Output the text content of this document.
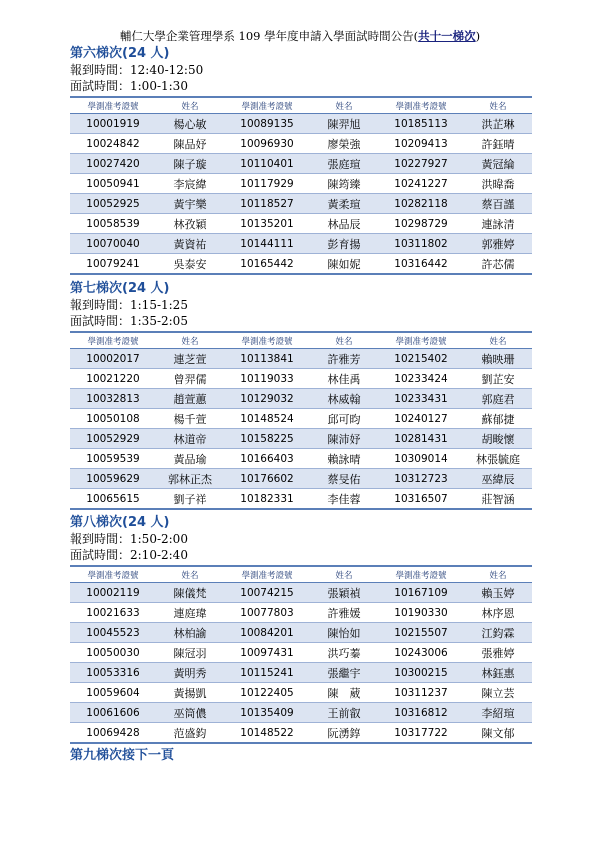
輔仁大學企業管理學系 109 學年度申請入學面試時間公告(共十一梯次)
第六梯次(24 人)
報到時間：12:40-12:50
面試時間：1:00-1:30
學測准考證號	姓名	學測准考證號	姓名	學測准考證號	姓名
10001919	楊心敏	10089135	陳羿旭	10185113	洪芷琳
10024842	陳品妤	10096930	廖榮強	10209413	許鈺晴
10027420	陳子璇	10110401	張庭瑄	10227927	黃冠綸
10050941	李宸緯	10117929	陳筠臻	10241227	洪暐喬
10052925	黃宇樂	10118527	黃柔瑄	10282118	蔡百謹
10058539	林孜穎	10135201	林品辰	10298729	連詠清
10070040	黃資祐	10144111	彭育揚	10311802	郭雅婷
10079241	吳泰安	10165442	陳如妮	10316442	許芯儒
第七梯次(24 人)
報到時間：1:15-1:25
面試時間：1:35-2:05
學測准考證號	姓名	學測准考證號	姓名	學測准考證號	姓名
10002017	連芝萱	10113841	許雅芳	10215402	賴映珊
10021220	曾羿儒	10119033	林佳禹	10233424	劉芷安
10032813	趙萱蕙	10129032	林威翰	10233431	郭庭君
10050108	楊千萱	10148524	邱可昀	10240127	蘇郁捷
10052929	林道帝	10158225	陳沛妤	10281431	胡畯懷
10059539	黃品瑜	10166403	賴詠晴	10309014	林張毓庭
10059629	郭林正杰	10176602	蔡旻佑	10312723	巫緯辰
10065615	劉子祥	10182331	李佳蓉	10316507	莊智涵
第八梯次(24 人)
報到時間：1:50-2:00
面試時間：2:10-2:40
學測准考證號	姓名	學測准考證號	姓名	學測准考證號	姓名
10002119	陳儀梵	10074215	張穎禎	10167109	賴玉婷
10021633	連庭瑋	10077803	許雅媛	10190330	林序恩
10045523	林柏諭	10084201	陳怡如	10215507	江鈞霖
10050030	陳冠羽	10097431	洪巧蓁	10243006	張雅婷
10053316	黃明秀	10115241	張繼宇	10300215	林鈺惠
10059604	黃揚凱	10122405	陳　葳	10311237	陳立芸
10061606	巫筒儂	10135409	王前叡	10316812	李紹瑄
10069428	范盛鈞	10148522	阮湧錞	10317722	陳文郁
第九梯次接下一頁
